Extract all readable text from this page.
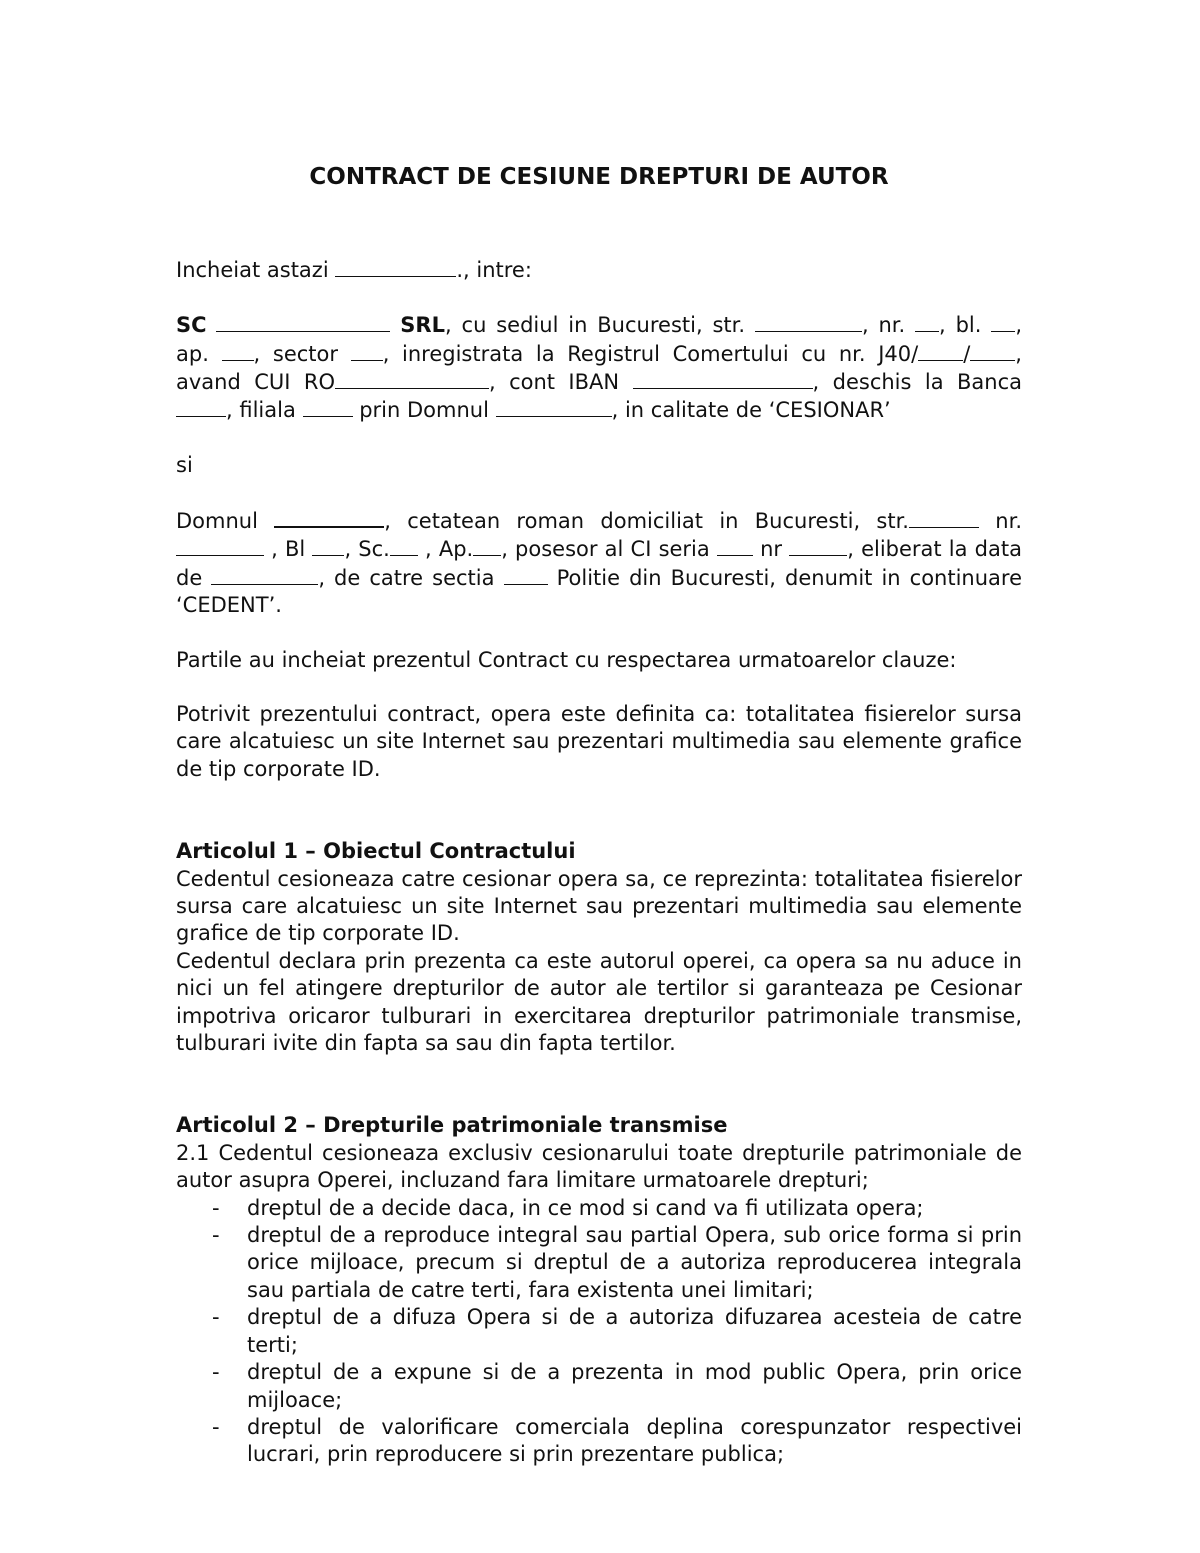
CONTRACT DE CESIUNE DREPTURI DE AUTOR

Incheiat astazi	., intre:

SC	SRL, cu sediul in Bucuresti, str.	, nr. , bl. , ap. , sector , inregistrata la Registrul Comertului cu nr. J40/ / , avand CUI RO	, cont IBAN	, deschis la Banca , filiala	prin Domnul	, in calitate de ‘CESIONAR’

si

Domnul	, cetatean roman domiciliat in Bucuresti, str.	nr. , Bl , Sc. , Ap. , posesor al CI seria nr	, eliberat la data de	, de catre sectia	Politie din Bucuresti, denumit in continuare ‘CEDENT’.

Partile au incheiat prezentul Contract cu respectarea urmatoarelor clauze:

Potrivit prezentului contract, opera este definita ca: totalitatea fisierelor sursa care alcatuiesc un site Internet sau prezentari multimedia sau elemente grafice de tip corporate ID.

Articolul 1 – Obiectul Contractului

Cedentul cesioneaza catre cesionar opera sa, ce reprezinta: totalitatea fisierelor sursa care alcatuiesc un site Internet sau prezentari multimedia sau elemente grafice de tip corporate ID.

Cedentul declara prin prezenta ca este autorul operei, ca opera sa nu aduce in nici un fel atingere drepturilor de autor ale tertilor si garanteaza pe Cesionar impotriva oricaror tulburari in exercitarea drepturilor patrimoniale transmise, tulburari ivite din fapta sa sau din fapta tertilor.

Articolul 2 – Drepturile patrimoniale transmise

2.1 Cedentul cesioneaza exclusiv cesionarului toate drepturile patrimoniale de autor asupra Operei, incluzand fara limitare urmatoarele drepturi;

- dreptul de a decide daca, in ce mod si cand va fi utilizata opera;
- dreptul de a reproduce integral sau partial Opera, sub orice forma si prin orice mijloace, precum si dreptul de a autoriza reproducerea integrala sau partiala de catre terti, fara existenta unei limitari;
- dreptul de a difuza Opera si de a autoriza difuzarea acesteia de catre terti;
- dreptul de a expune si de a prezenta in mod public Opera, prin orice mijloace;
- dreptul de valorificare comerciala deplina corespunzator respectivei lucrari, prin reproducere si prin prezentare publica;
